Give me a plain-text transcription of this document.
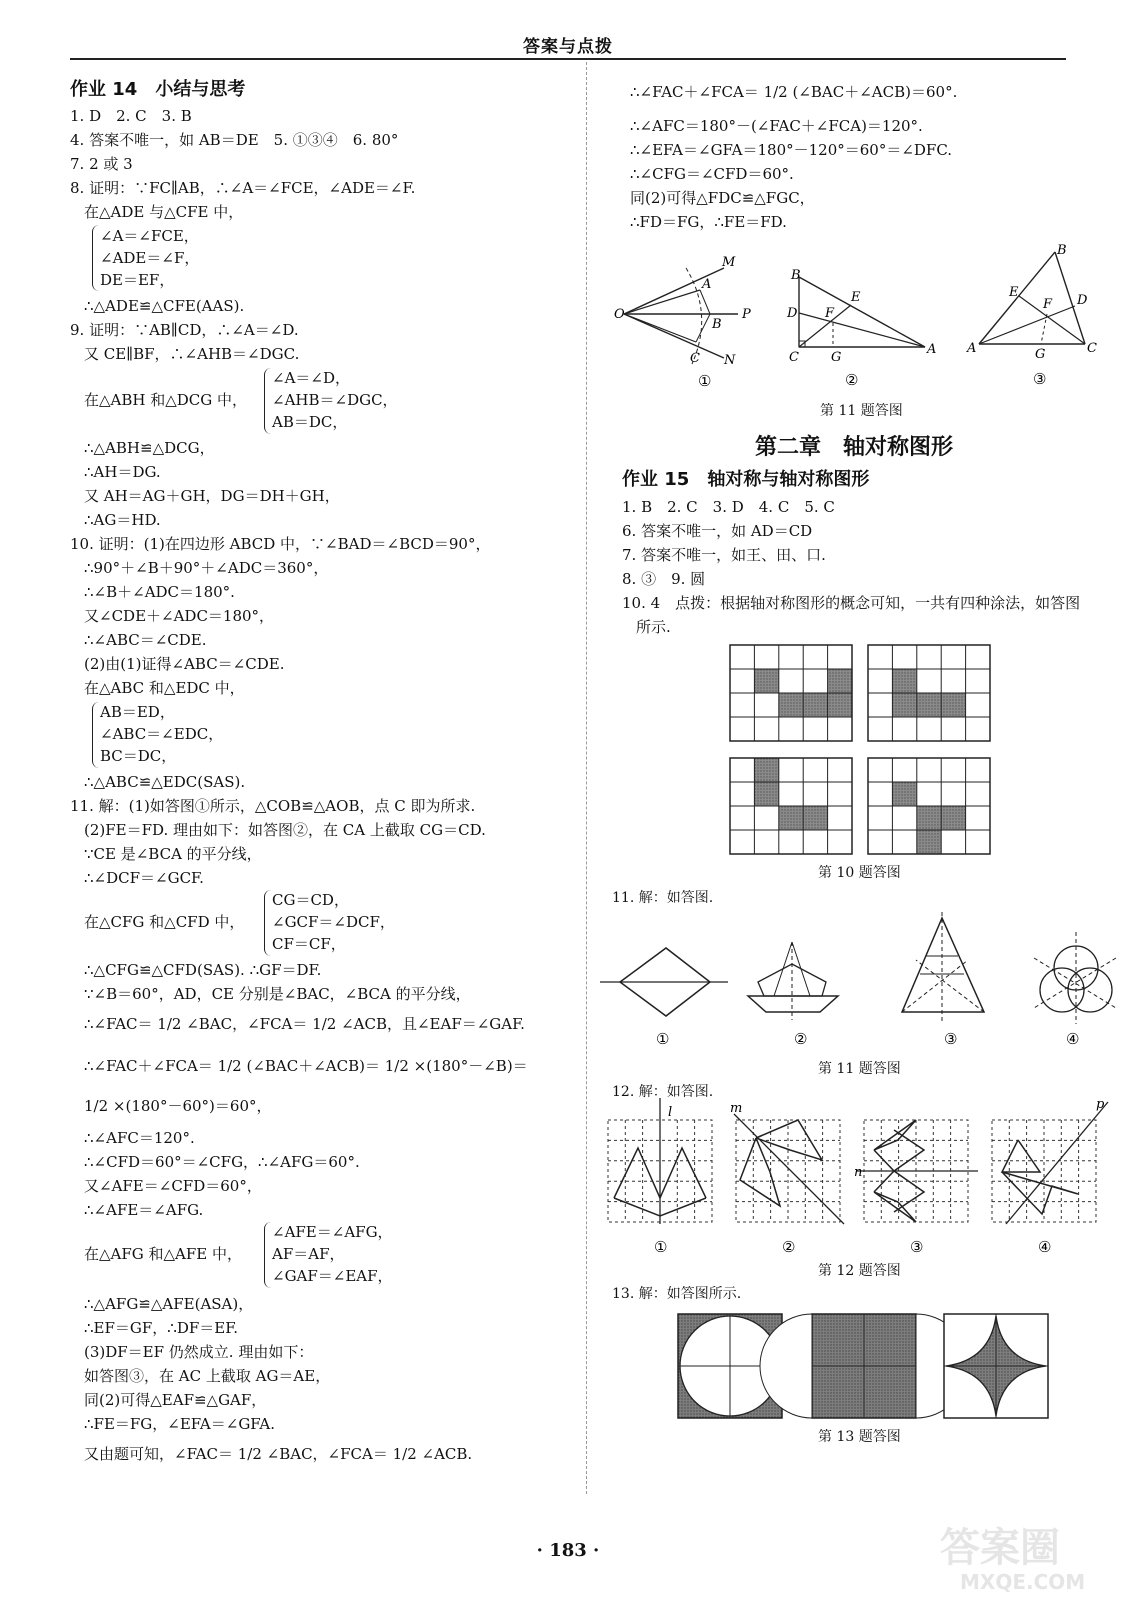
答案与点拨
作业 14　小结与思考
1. D　2. C　3. B
4. 答案不唯一，如 AB＝DE　5. ①③④　6. 80°
7. 2 或 3
8. 证明：∵FC∥AB，∴∠A＝∠FCE，∠ADE＝∠F.
在△ADE 与△CFE 中，
∠A＝∠FCE，
∠ADE＝∠F，
DE＝EF，
∴△ADE≌△CFE(AAS).
9. 证明：∵AB∥CD，∴∠A＝∠D.
又 CE∥BF，∴∠AHB＝∠DGC.
∠A＝∠D，
在△ABH 和△DCG 中， ∠AHB＝∠DGC，
AB＝DC，
∴△ABH≌△DCG，
∴AH＝DG.
又 AH＝AG＋GH，DG＝DH＋GH，
∴AG＝HD.
10. 证明：(1)在四边形 ABCD 中，∵∠BAD＝∠BCD＝90°，
∴90°＋∠B＋90°＋∠ADC＝360°，
∴∠B＋∠ADC＝180°.
又∠CDE＋∠ADC＝180°，
∴∠ABC＝∠CDE.
(2)由(1)证得∠ABC＝∠CDE.
在△ABC 和△EDC 中，
AB＝ED，
∠ABC＝∠EDC，
BC＝DC，
∴△ABC≌△EDC(SAS).
11. 解：(1)如答图①所示，△COB≌△AOB，点 C 即为所求.
(2)FE＝FD. 理由如下：如答图②，在 CA 上截取 CG＝CD.
∵CE 是∠BCA 的平分线，
∴∠DCF＝∠GCF.
CG＝CD，
在△CFG 和△CFD 中， ∠GCF＝∠DCF，
CF＝CF，
∴△CFG≌△CFD(SAS). ∴GF＝DF.
∵∠B＝60°，AD，CE 分别是∠BAC，∠BCA 的平分线，
∴∠FAC＝ 1/2 ∠BAC，∠FCA＝ 1/2 ∠ACB，且∠EAF＝∠GAF.
∴∠FAC＋∠FCA＝ 1/2 (∠BAC＋∠ACB)＝ 1/2 ×(180°－∠B)＝
1/2 ×(180°－60°)＝60°，
∴∠AFC＝120°.
∴∠CFD＝60°＝∠CFG，∴∠AFG＝60°.
又∠AFE＝∠CFD＝60°，
∴∠AFE＝∠AFG.
∠AFE＝∠AFG，
在△AFG 和△AFE 中， AF＝AF，
∠GAF＝∠EAF，
∴△AFG≌△AFE(ASA)，
∴EF＝GF，∴DF＝EF.
(3)DF＝EF 仍然成立. 理由如下：
如答图③，在 AC 上截取 AG＝AE，
同(2)可得△EAF≌△GAF，
∴FE＝FG，∠EFA＝∠GFA.
又由题可知，∠FAC＝ 1/2 ∠BAC，∠FCA＝ 1/2 ∠ACB.
∴∠FAC＋∠FCA＝ 1/2 (∠BAC＋∠ACB)＝60°.
∴∠AFC＝180°－(∠FAC＋∠FCA)＝120°.
∴∠EFA＝∠GFA＝180°－120°＝60°＝∠DFC.
∴∠CFG＝∠CFD＝60°.
同(2)可得△FDC≌△FGC，
∴FD＝FG，∴FE＝FD.
M
A
O
B
P
C N
①
B
E
D F
C G
A
②
B
E
F D
A	G	C
③
第 11 题答图
第二章　轴对称图形
作业 15　轴对称与轴对称图形
1. B　2. C　3. D　4. C　5. C
6. 答案不唯一，如 AD＝CD
7. 答案不唯一，如王、田、口.
8. ③　9. 圆
10. 4　点拨：根据轴对称图形的概念可知，一共有四种涂法，如答图
所示.
第 10 题答图
11. 解：如答图.
①	②	③	④
第 11 题答图
12. 解：如答图.
l
①
m
②
n
③
p
④
第 12 题答图
13. 解：如答图所示.
第 13 题答图
· 183 ·	答案圈
MXQE.COM
